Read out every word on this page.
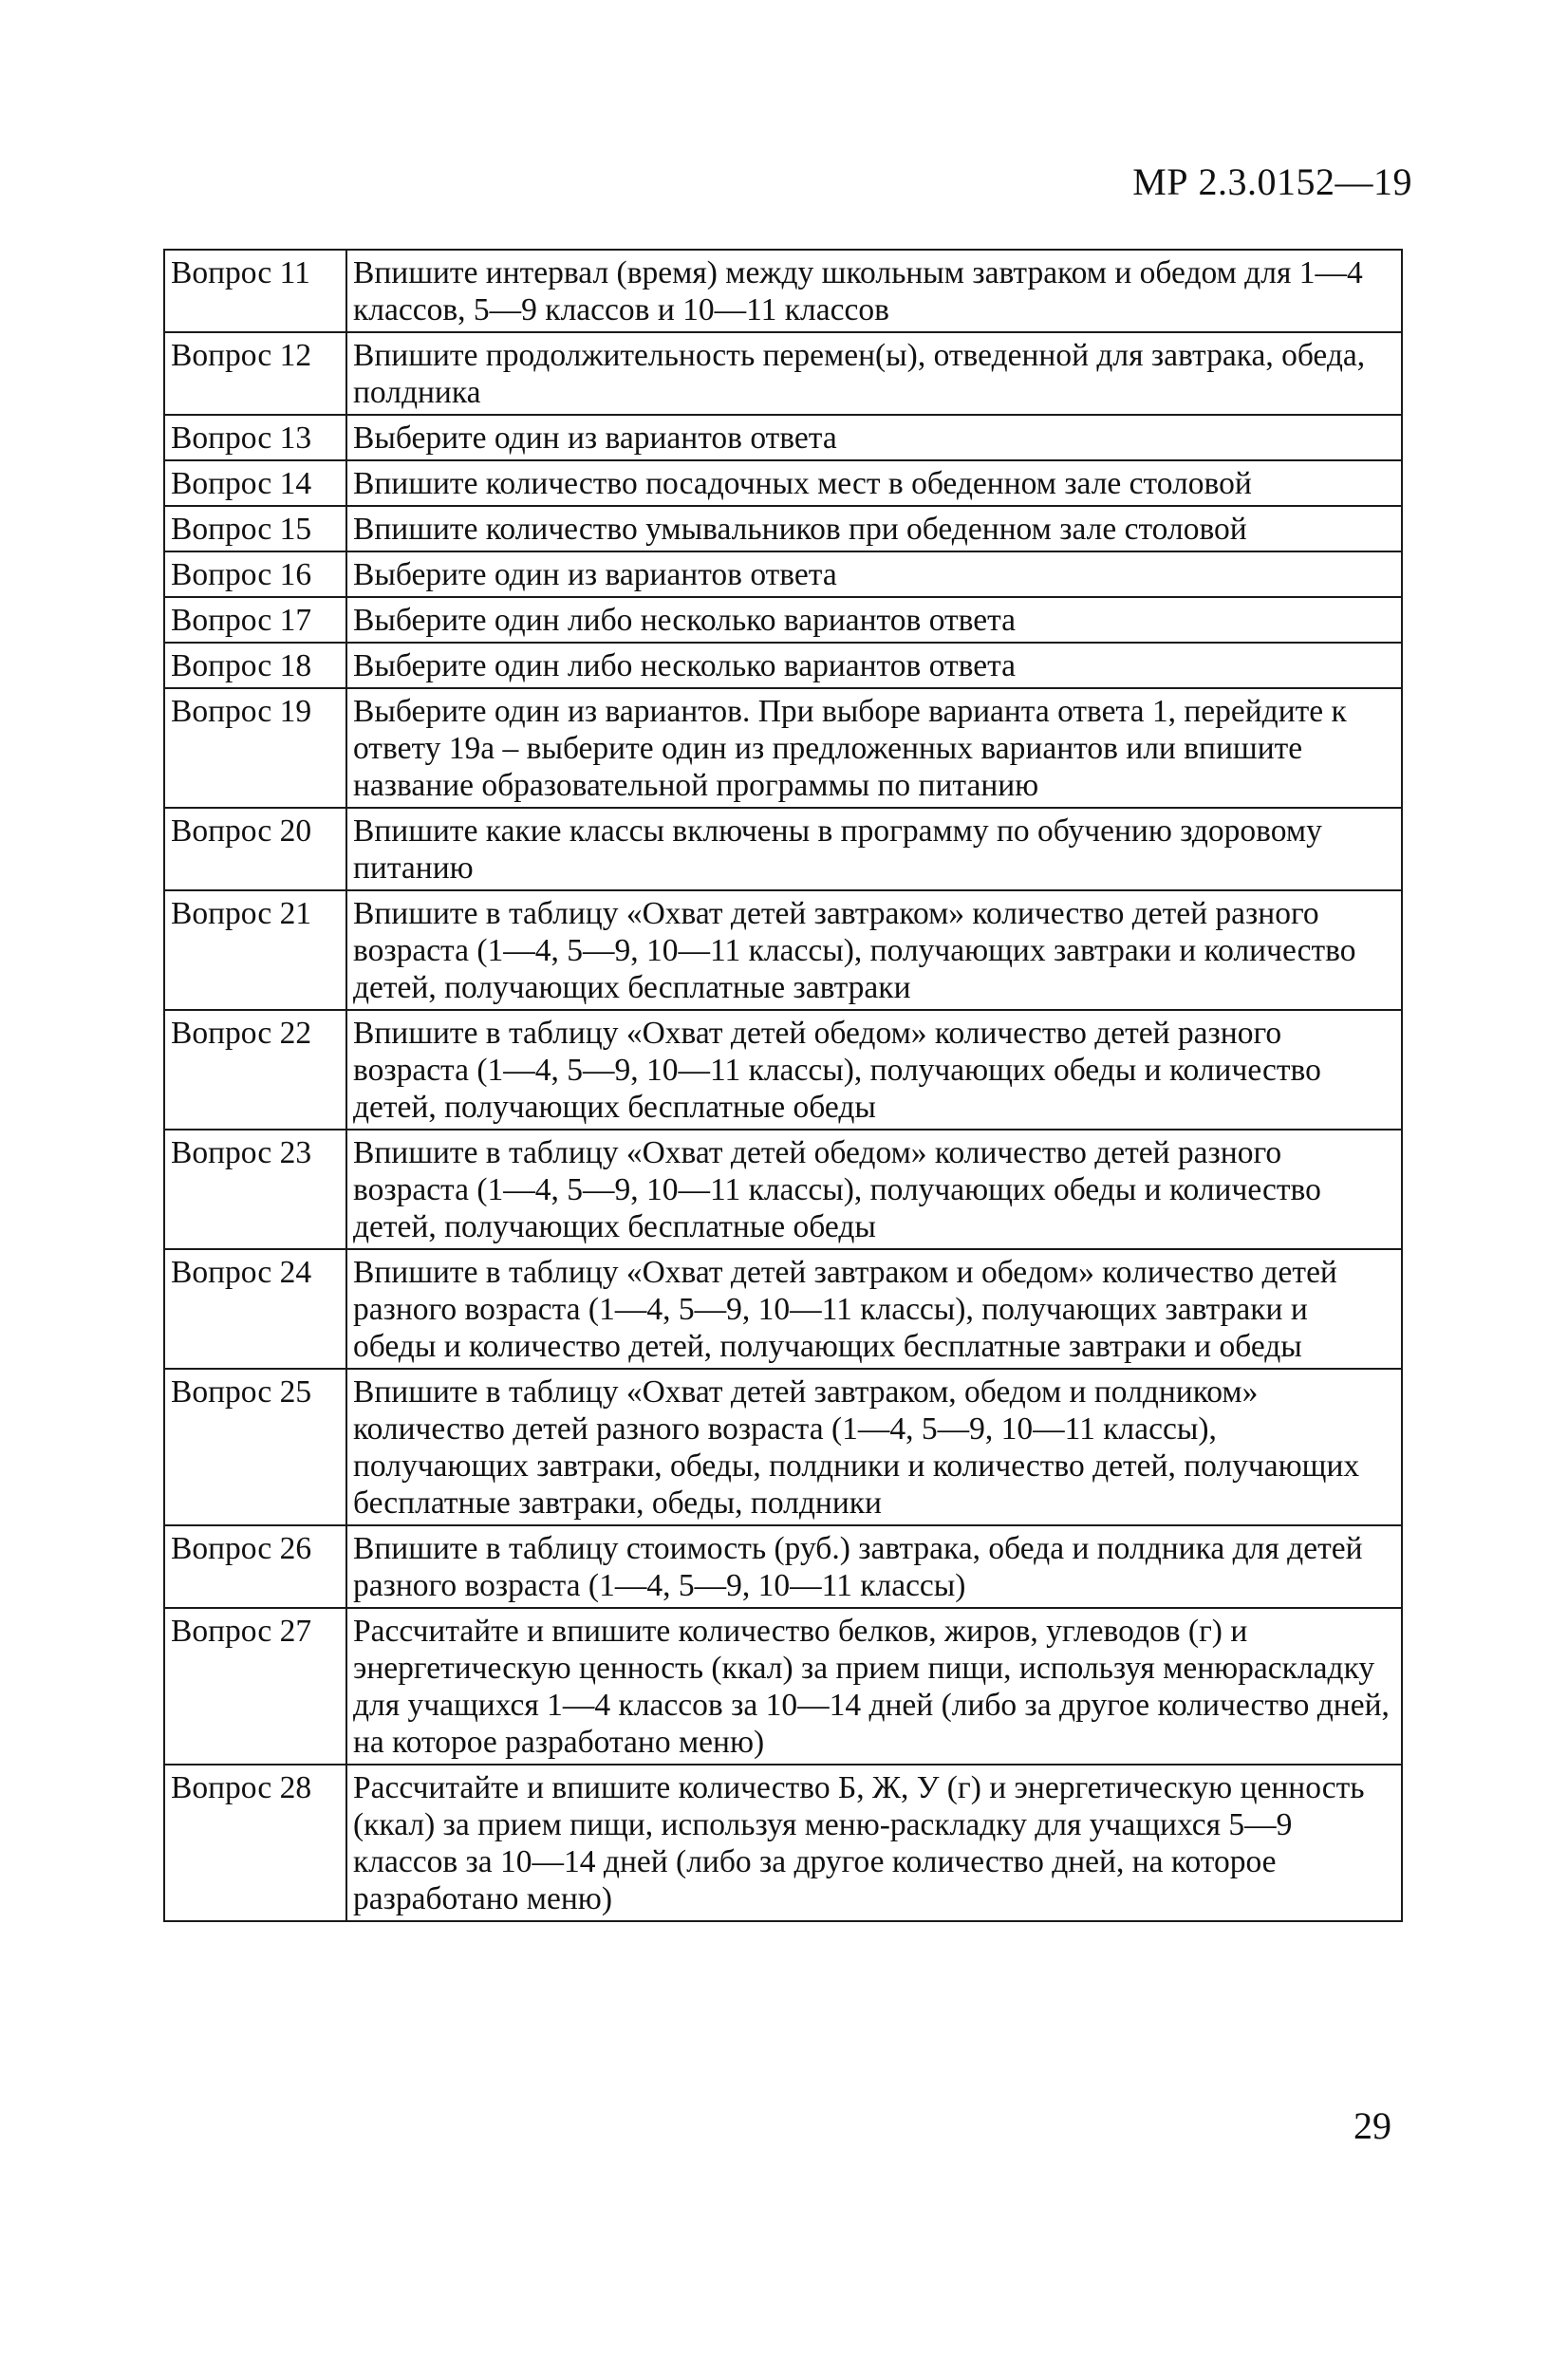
МР 2.3.0152—19
Вопрос 11	Впишите интервал (время) между школьным завтраком и обедом для 1—4 классов, 5—9 классов и 10—11 классов
Вопрос 12	Впишите продолжительность перемен(ы), отведенной для завтрака, обеда, полдника
Вопрос 13	Выберите один из вариантов ответа
Вопрос 14	Впишите количество посадочных мест в обеденном зале столовой
Вопрос 15	Впишите количество умывальников при обеденном зале столовой
Вопрос 16	Выберите один из вариантов ответа
Вопрос 17	Выберите один либо несколько вариантов ответа
Вопрос 18	Выберите один либо несколько вариантов ответа
Вопрос 19	Выберите один из вариантов. При выборе варианта ответа 1, перейдите к ответу 19а – выберите один из предложенных вариантов или впишите название образовательной программы по питанию
Вопрос 20	Впишите какие классы включены в программу по обучению здоровому питанию
Вопрос 21	Впишите в таблицу «Охват детей завтраком» количество детей разного возраста (1—4, 5—9, 10—11 классы), получающих завтраки и количество детей, получающих бесплатные завтраки
Вопрос 22	Впишите в таблицу «Охват детей обедом» количество детей разного возраста (1—4, 5—9, 10—11 классы), получающих обеды и количество детей, получающих бесплатные обеды
Вопрос 23	Впишите в таблицу «Охват детей обедом» количество детей разного возраста (1—4, 5—9, 10—11 классы), получающих обеды и количество детей, получающих бесплатные обеды
Вопрос 24	Впишите в таблицу «Охват детей завтраком и обедом» количество детей разного возраста (1—4, 5—9, 10—11 классы), получающих завтраки и обеды и количество детей, получающих бесплатные завтраки и обеды
Вопрос 25	Впишите в таблицу «Охват детей завтраком, обедом и полдником» количество детей разного возраста (1—4, 5—9, 10—11 классы), получающих завтраки, обеды, полдники и количество детей, получающих бесплатные завтраки, обеды, полдники
Вопрос 26	Впишите в таблицу стоимость (руб.) завтрака, обеда и полдника для детей разного возраста (1—4, 5—9, 10—11 классы)
Вопрос 27	Рассчитайте и впишите количество белков, жиров, углеводов (г) и энергетическую ценность (ккал) за прием пищи, используя менюраскладку для учащихся 1—4 классов за 10—14 дней (либо за другое количество дней, на которое разработано меню)
Вопрос 28	Рассчитайте и впишите количество Б, Ж, У (г) и энергетическую ценность (ккал) за прием пищи, используя меню-раскладку для учащихся 5—9 классов за 10—14 дней (либо за другое количество дней, на которое разработано меню)
29
